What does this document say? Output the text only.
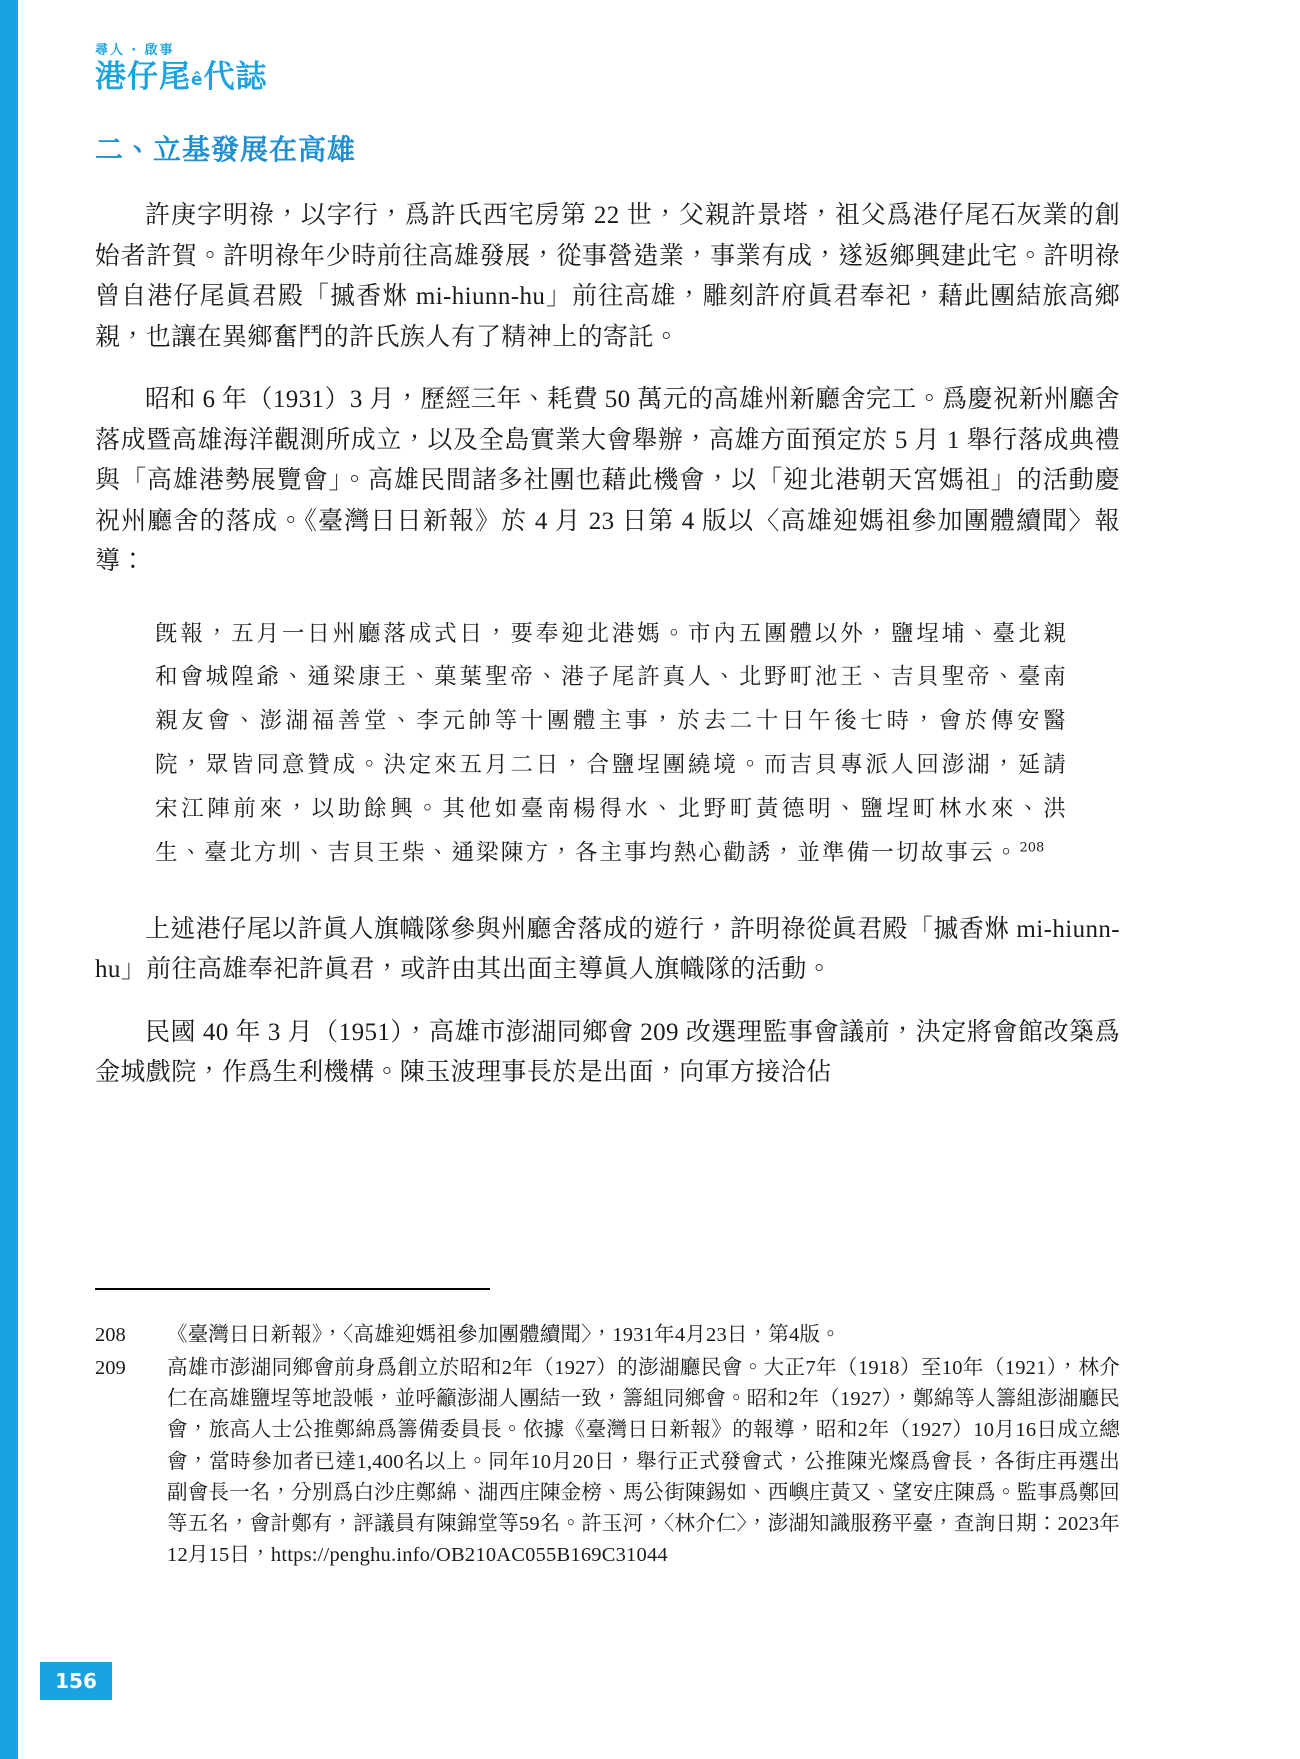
尋人 ‧ 啟事
港仔尾ê代誌
二、立基發展在高雄

許庚字明祿，以字行，爲許氏西宅房第 22 世，父親許景塔，祖父爲港仔尾石灰業的創始者許賀。許明祿年少時前往高雄發展，從事營造業，事業有成，遂返鄉興建此宅。許明祿曾自港仔尾眞君殿「摵香烌 mi-hiunn-hu」前往高雄，雕刻許府眞君奉祀，藉此團結旅高鄉親，也讓在異鄉奮鬥的許氏族人有了精神上的寄託。

昭和 6 年（1931）3 月，歷經三年、耗費 50 萬元的高雄州新廳舍完工。爲慶祝新州廳舍落成暨高雄海洋觀測所成立，以及全島實業大會舉辦，高雄方面預定於 5 月 1 舉行落成典禮與「高雄港勢展覽會」。高雄民間諸多社團也藉此機會，以「迎北港朝天宮媽祖」的活動慶祝州廳舍的落成。《臺灣日日新報》於 4 月 23 日第 4 版以〈高雄迎媽祖參加團體續聞〉報導：

旣報，五月一日州廳落成式日，要奉迎北港媽。市內五團體以外，鹽埕埔、臺北親和會城隍爺、通梁康王、菓葉聖帝、港子尾許真人、北野町池王、吉貝聖帝、臺南親友會、澎湖福善堂、李元帥等十團體主事，於去二十日午後七時，會於傳安醫院，眾皆同意贊成。決定來五月二日，合鹽埕團繞境。而吉貝專派人回澎湖，延請宋江陣前來，以助餘興。其他如臺南楊得水、北野町黃德明、鹽埕町林水來、洪生、臺北方圳、吉貝王柴、通梁陳方，各主事均熱心勸誘，並準備一切故事云。$^{208}$

上述港仔尾以許眞人旗幟隊參與州廳舍落成的遊行，許明祿從眞君殿「摵香烌 mi-hiunn-hu」前往高雄奉祀許眞君，或許由其出面主導眞人旗幟隊的活動。

民國 40 年 3 月（1951），高雄市澎湖同鄉會 209 改選理監事會議前，決定將會館改築爲金城戲院，作爲生利機構。陳玉波理事長於是出面，向軍方接洽佔

208	《臺灣日日新報》，〈高雄迎媽祖參加團體續聞〉，1931年4月23日，第4版。
209	高雄市澎湖同鄉會前身爲創立於昭和2年（1927）的澎湖廳民會。大正7年（1918）至10年（1921），林介仁在高雄鹽埕等地設帳，並呼籲澎湖人團結一致，籌組同鄉會。昭和2年（1927），鄭綿等人籌組澎湖廳民會，旅高人士公推鄭綿爲籌備委員長。依據《臺灣日日新報》的報導，昭和2年（1927）10月16日成立總會，當時參加者已達1,400名以上。同年10月20日，舉行正式發會式，公推陳光燦爲會長，各街庄再選出副會長一名，分別爲白沙庄鄭綿、湖西庄陳金榜、馬公街陳錫如、西嶼庄黃又、望安庄陳爲。監事爲鄭回等五名，會計鄭有，評議員有陳錦堂等59名。許玉河，〈林介仁〉，澎湖知識服務平臺，查詢日期：2023年12月15日，https://penghu.info/OB210AC055B169C31044
156
